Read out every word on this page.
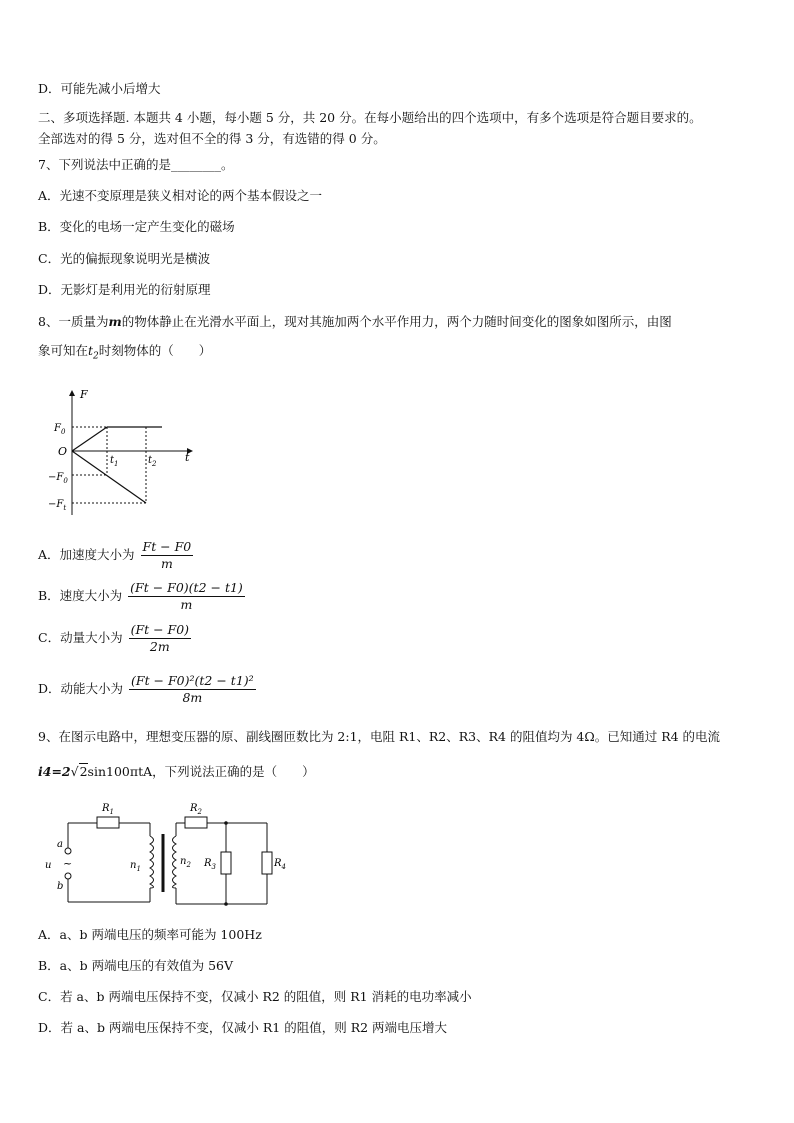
D．可能先减小后增大
二、多项选择题. 本题共 4 小题，每小题 5 分，共 20 分。在每小题给出的四个选项中，有多个选项是符合题目要求的。
全部选对的得 5 分，选对但不全的得 3 分，有选错的得 0 分。
7、下列说法中正确的是________。
A．光速不变原理是狭义相对论的两个基本假设之一
B．变化的电场一定产生变化的磁场
C．光的偏振现象说明光是横波
D．无影灯是利用光的衍射原理
8、一质量为m的物体静止在光滑水平面上，现对其施加两个水平作用力，两个力随时间变化的图象如图所示，由图
象可知在$t_2$时刻物体的（　　）
F
t
O
$F_0$
$-F_0$
$-F_t$
$t_1$	$t_2$
A．加速度大小为 $\frac{Ft - F0}{m}$
B．速度大小为 $\frac{(Ft - F0)(t2 - t1)}{m}$
C．动量大小为 $\frac{(Ft - F0)}{2m}$
D．动能大小为 $\frac{\text{(Ft − F0)²(t2 − t1)²}}{8m}$
9、在图示电路中，理想变压器的原、副线圈匝数比为 2:1，电阻 R1、R2、R3、R4 的阻值均为 4Ω。已知通过 R4 的电流
i4=2√2sin100πtA，下列说法正确的是（　　）
$R_1$	$R_2$
$R_3$	$R_4$
a
b
u ~	$n_1$
$n_2$
A．a、b 两端电压的频率可能为 100Hz
B．a、b 两端电压的有效值为 56V
C．若 a、b 两端电压保持不变，仅减小 R2 的阻值，则 R1 消耗的电功率减小
D．若 a、b 两端电压保持不变，仅减小 R1 的阻值，则 R2 两端电压增大
